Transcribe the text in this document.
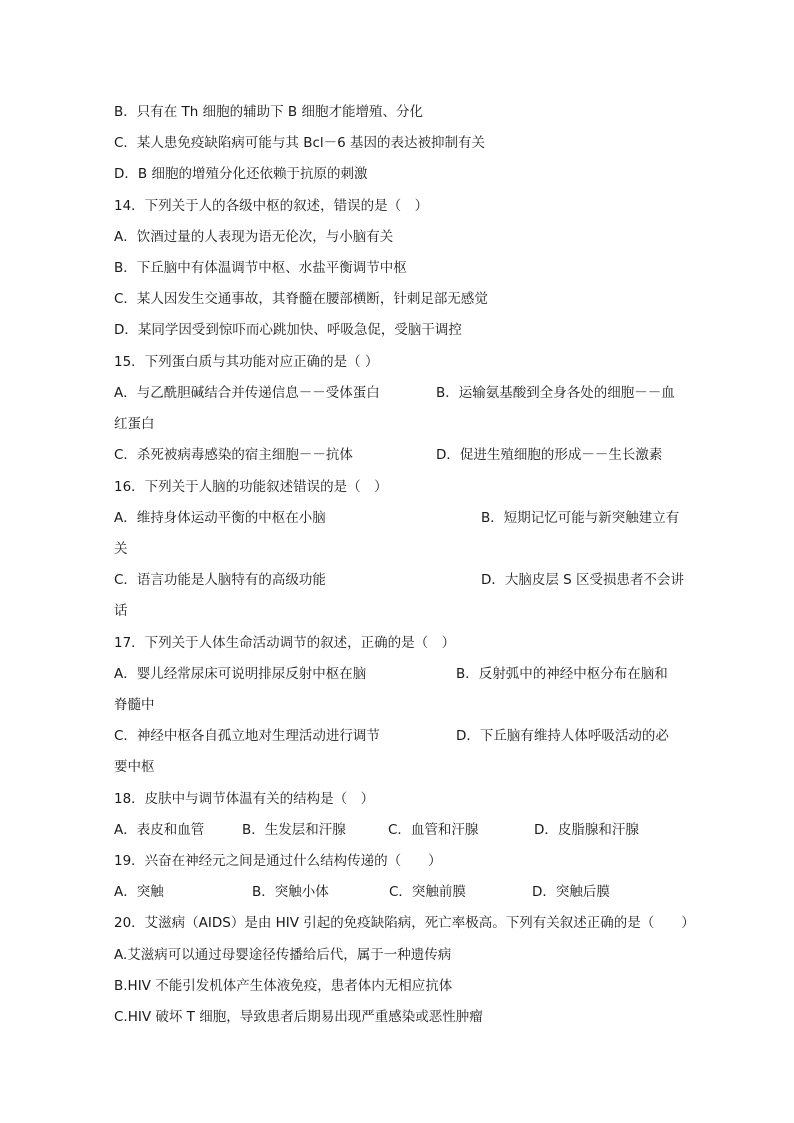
B．只有在 Th 细胞的辅助下 B 细胞才能增殖、分化
C．某人患免疫缺陷病可能与其 Bcl－6 基因的表达被抑制有关
D．B 细胞的增殖分化还依赖于抗原的刺激
14．下列关于人的各级中枢的叙述，错误的是（　）
A．饮酒过量的人表现为语无伦次，与小脑有关
B．下丘脑中有体温调节中枢、水盐平衡调节中枢
C．某人因发生交通事故，其脊髓在腰部横断，针刺足部无感觉
D．某同学因受到惊吓而心跳加快、呼吸急促，受脑干调控
15．下列蛋白质与其功能对应正确的是（ ）
A．与乙酰胆碱结合并传递信息－－受体蛋白	B．运输氨基酸到全身各处的细胞－－血
红蛋白
C．杀死被病毒感染的宿主细胞－－抗体	D．促进生殖细胞的形成－－生长激素
16．下列关于人脑的功能叙述错误的是（　）
A．维持身体运动平衡的中枢在小脑	B．短期记忆可能与新突触建立有
关
C．语言功能是人脑特有的高级功能	D．大脑皮层 S 区受损患者不会讲
话
17．下列关于人体生命活动调节的叙述，正确的是（　）
A．婴儿经常尿床可说明排尿反射中枢在脑	B．反射弧中的神经中枢分布在脑和
脊髓中
C．神经中枢各自孤立地对生理活动进行调节	D．下丘脑有维持人体呼吸活动的必
要中枢
18．皮肤中与调节体温有关的结构是（　）
A．表皮和血管	B．生发层和汗腺	C．血管和汗腺	D．皮脂腺和汗腺
19．兴奋在神经元之间是通过什么结构传递的（　　）
A．突触	B．突触小体	C．突触前膜	D．突触后膜
20．艾滋病（AIDS）是由 HIV 引起的免疫缺陷病，死亡率极高。下列有关叙述正确的是（　　）
A.艾滋病可以通过母婴途径传播给后代，属于一种遗传病
B.HIV 不能引发机体产生体液免疫，患者体内无相应抗体
C.HIV 破坏 T 细胞，导致患者后期易出现严重感染或恶性肿瘤
